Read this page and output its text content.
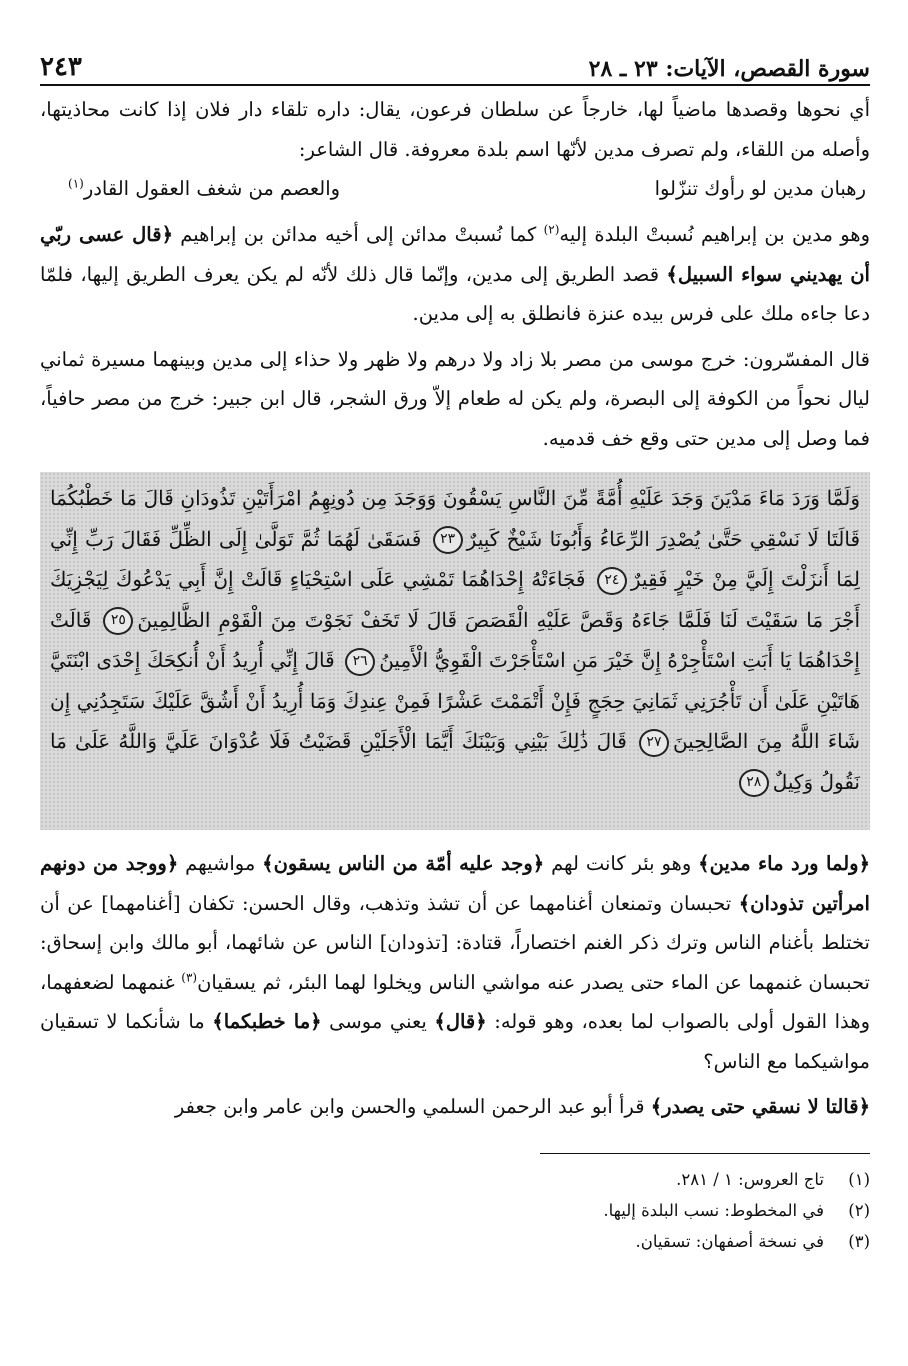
سورة القصص، الآيات: ٢٣ ـ ٢٨
٢٤٣

أي نحوها وقصدها ماضياً لها، خارجاً عن سلطان فرعون، يقال: داره تلقاء دار فلان إذا كانت محاذيتها، وأصله من اللقاء، ولم تصرف مدين لأنّها اسم بلدة معروفة. قال الشاعر:

رهبان مدين لو رأوك تنزّلوا
والعصم من شغف العقول القادر$^{(١)}$

وهو مدين بن إبراهيم نُسبتْ البلدة إليه$^{(٢)}$ كما نُسبتْ مدائن إلى أخيه مدائن بن إبراهيم ﴿قال عسى ربّي أن يهديني سواء السبيل﴾ قصد الطريق إلى مدين، وإنّما قال ذلك لأنّه لم يكن يعرف الطريق إليها، فلمّا دعا جاءه ملك على فرس بيده عنزة فانطلق به إلى مدين.

قال المفسّرون: خرج موسى من مصر بلا زاد ولا درهم ولا ظهر ولا حذاء إلى مدين وبينهما مسيرة ثماني ليال نحواً من الكوفة إلى البصرة، ولم يكن له طعام إلاّ ورق الشجر، قال ابن جبير: خرج من مصر حافياً، فما وصل إلى مدين حتى وقع خف قدميه.

وَلَمَّا وَرَدَ مَاءَ مَدْيَنَ وَجَدَ عَلَيْهِ أُمَّةً مِّنَ النَّاسِ يَسْقُونَ وَوَجَدَ مِن دُونِهِمُ امْرَأَتَيْنِ تَذُودَانِ قَالَ مَا خَطْبُكُمَا قَالَتَا لَا نَسْقِي حَتَّىٰ يُصْدِرَ الرِّعَاءُ وَأَبُونَا شَيْخٌ كَبِيرٌ٢٣ فَسَقَىٰ لَهُمَا ثُمَّ تَوَلَّىٰ إِلَى الظِّلِّ فَقَالَ رَبِّ إِنِّي لِمَا أَنزَلْتَ إِلَيَّ مِنْ خَيْرٍ فَقِيرٌ٢٤ فَجَاءَتْهُ إِحْدَاهُمَا تَمْشِي عَلَى اسْتِحْيَاءٍ قَالَتْ إِنَّ أَبِي يَدْعُوكَ لِيَجْزِيَكَ أَجْرَ مَا سَقَيْتَ لَنَا فَلَمَّا جَاءَهُ وَقَصَّ عَلَيْهِ الْقَصَصَ قَالَ لَا تَخَفْ نَجَوْتَ مِنَ الْقَوْمِ الظَّالِمِينَ٢٥ قَالَتْ إِحْدَاهُمَا يَا أَبَتِ اسْتَأْجِرْهُ إِنَّ خَيْرَ مَنِ اسْتَأْجَرْتَ الْقَوِيُّ الْأَمِينُ٢٦ قَالَ إِنِّي أُرِيدُ أَنْ أُنكِحَكَ إِحْدَى ابْنَتَيَّ هَاتَيْنِ عَلَىٰ أَن تَأْجُرَنِي ثَمَانِيَ حِجَجٍ فَإِنْ أَتْمَمْتَ عَشْرًا فَمِنْ عِندِكَ وَمَا أُرِيدُ أَنْ أَشُقَّ عَلَيْكَ سَتَجِدُنِي إِن شَاءَ اللَّهُ مِنَ الصَّالِحِينَ٢٧ قَالَ ذَٰلِكَ بَيْنِي وَبَيْنَكَ أَيَّمَا الْأَجَلَيْنِ قَضَيْتُ فَلَا عُدْوَانَ عَلَيَّ وَاللَّهُ عَلَىٰ مَا نَقُولُ وَكِيلٌ٢٨

﴿ولما ورد ماء مدين﴾ وهو بئر كانت لهم ﴿وجد عليه أمّة من الناس يسقون﴾ مواشيهم ﴿ووجد من دونهم امرأتين تذودان﴾ تحبسان وتمنعان أغنامهما عن أن تشذ وتذهب، وقال الحسن: تكفان [أغنامهما] عن أن تختلط بأغنام الناس وترك ذكر الغنم اختصاراً، قتادة: [تذودان] الناس عن شائهما، أبو مالك وابن إسحاق: تحبسان غنمهما عن الماء حتى يصدر عنه مواشي الناس ويخلوا لهما البئر، ثم يسقيان$^{(٣)}$ غنمهما لضعفهما، وهذا القول أولى بالصواب لما بعده، وهو قوله: ﴿قال﴾ يعني موسى ﴿ما خطبكما﴾ ما شأنكما لا تسقيان مواشيكما مع الناس؟

﴿قالتا لا نسقي حتى يصدر﴾ قرأ أبو عبد الرحمن السلمي والحسن وابن عامر وابن جعفر

(١)
تاج العروس: ١ / ٢٨١.
(٢)
في المخطوط: نسب البلدة إليها.
(٣)
في نسخة أصفهان: تسقيان.
